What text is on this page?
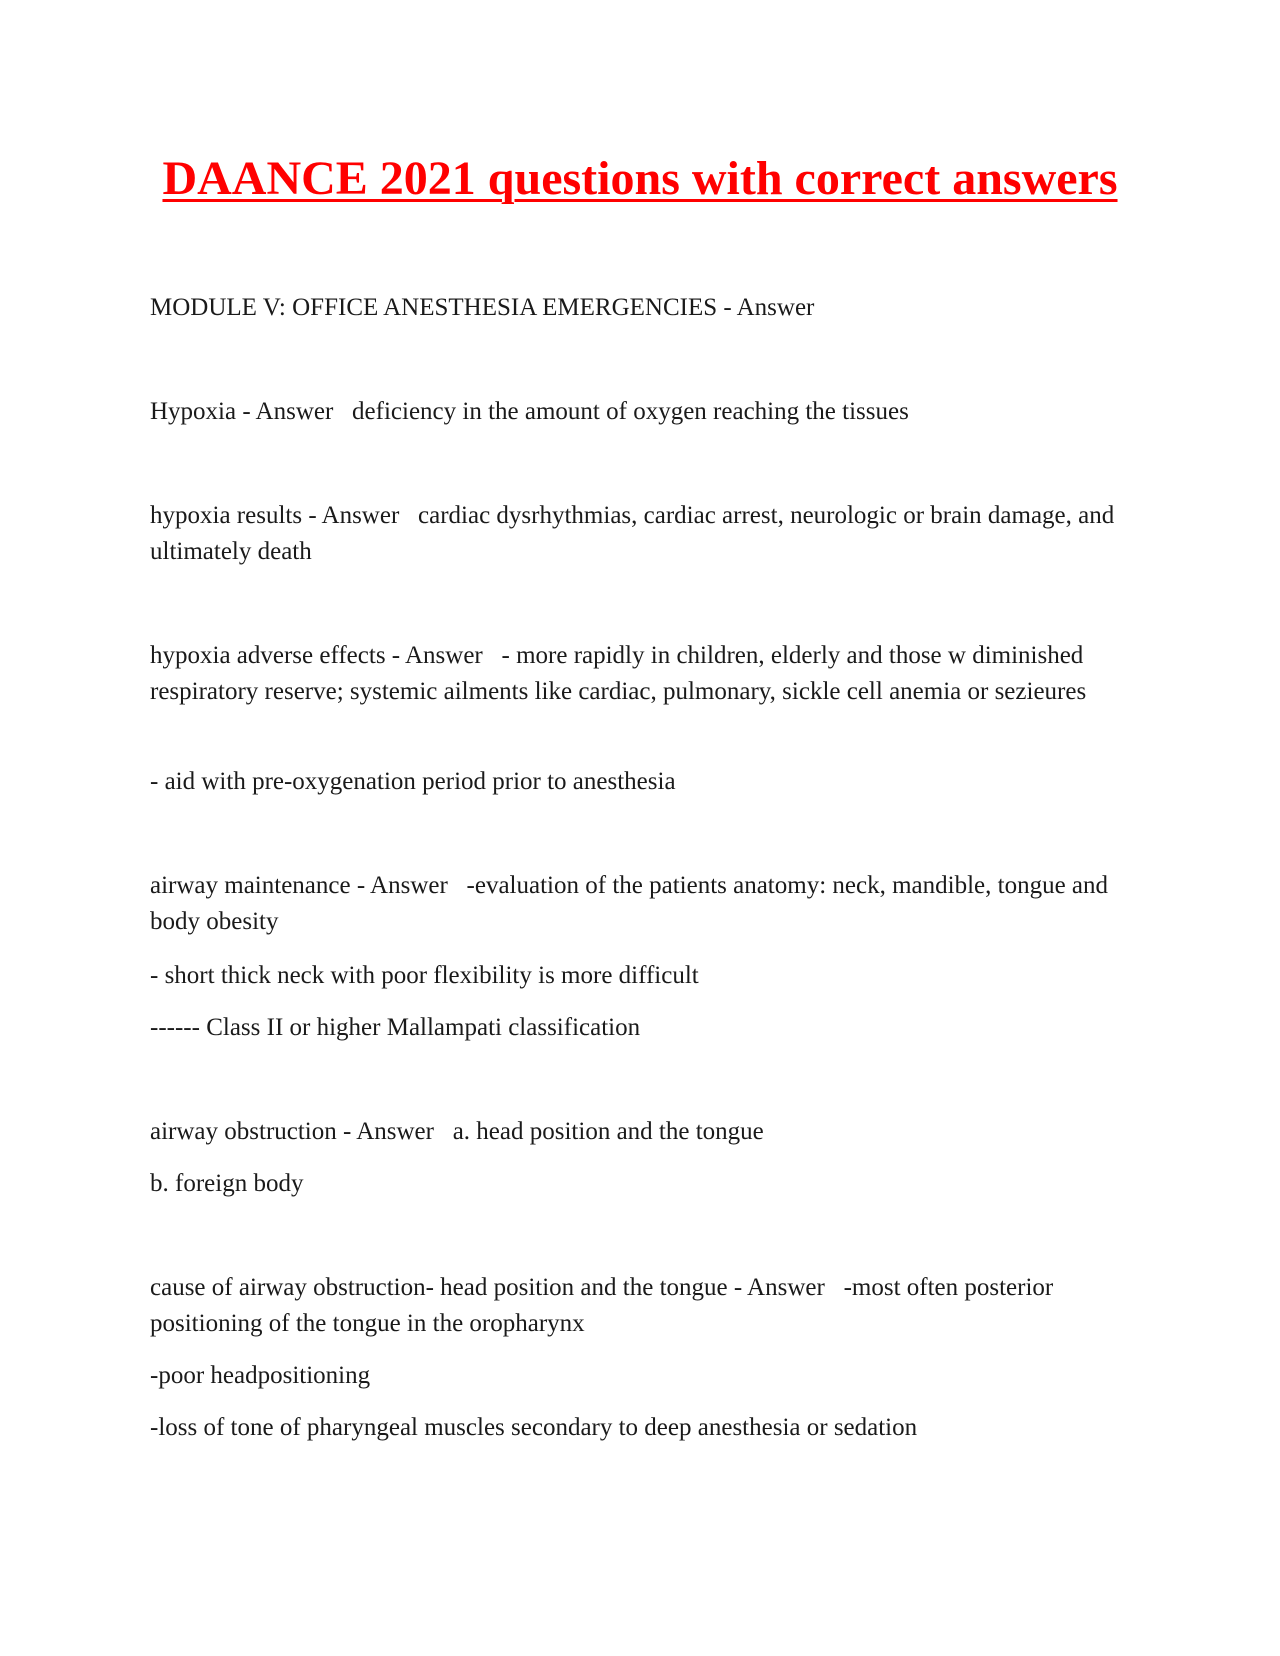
DAANCE 2021 questions with correct answers

MODULE V: OFFICE ANESTHESIA EMERGENCIES - Answer

Hypoxia - Answer   deficiency in the amount of oxygen reaching the tissues

hypoxia results - Answer   cardiac dysrhythmias, cardiac arrest, neurologic or brain damage, and ultimately death

hypoxia adverse effects - Answer   - more rapidly in children, elderly and those w diminished respiratory reserve; systemic ailments like cardiac, pulmonary, sickle cell anemia or sezieures

- aid with pre-oxygenation period prior to anesthesia

airway maintenance - Answer   -evaluation of the patients anatomy: neck, mandible, tongue and body obesity

- short thick neck with poor flexibility is more difficult

------ Class II or higher Mallampati classification

airway obstruction - Answer   a. head position and the tongue

b. foreign body

cause of airway obstruction- head position and the tongue - Answer   -most often posterior positioning of the tongue in the oropharynx

-poor headpositioning

-loss of tone of pharyngeal muscles secondary to deep anesthesia or sedation
